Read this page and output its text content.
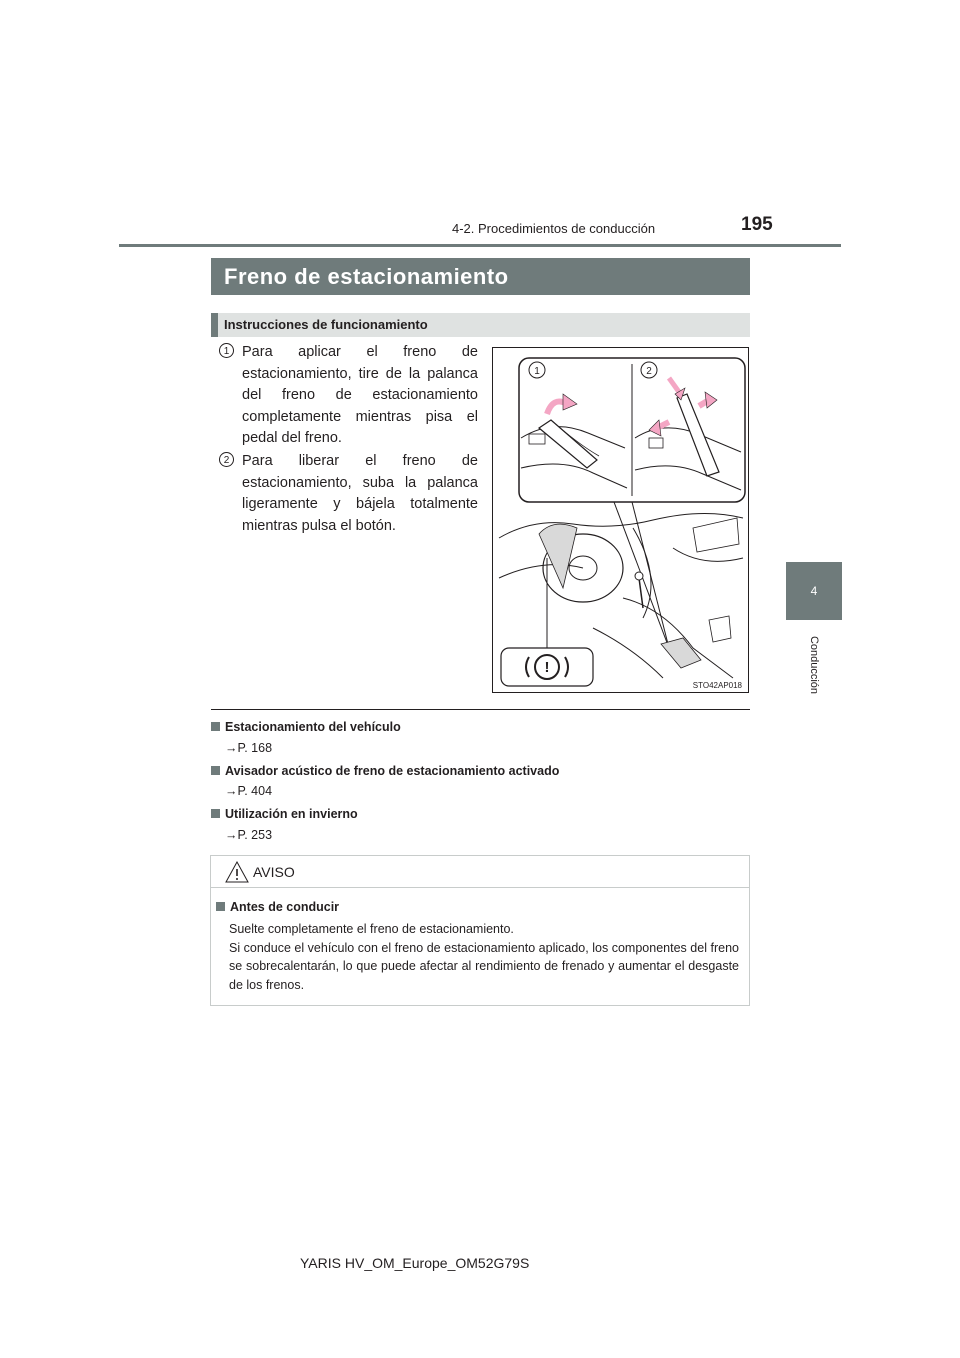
4-2. Procedimientos de conducción	195
4
Conducción
Freno de estacionamiento
Instrucciones de funcionamiento
1 Para aplicar el freno de estacionamiento, tire de la palanca del freno de estacionamiento completamente mientras pisa el pedal del freno.
2 Para liberar el freno de estacionamiento, suba la palanca ligeramente y bájela totalmente mientras pulsa el botón.
1	2
!
STO42AP018
Estacionamiento del vehículo
→P. 168
Avisador acústico de freno de estacionamiento activado
→P. 404
Utilización en invierno
→P. 253
AVISO
Antes de conducir
Suelte completamente el freno de estacionamiento.
Si conduce el vehículo con el freno de estacionamiento aplicado, los componentes del freno se sobrecalentarán, lo que puede afectar al rendimiento de frenado y aumentar el desgaste de los frenos.
YARIS HV_OM_Europe_OM52G79S
